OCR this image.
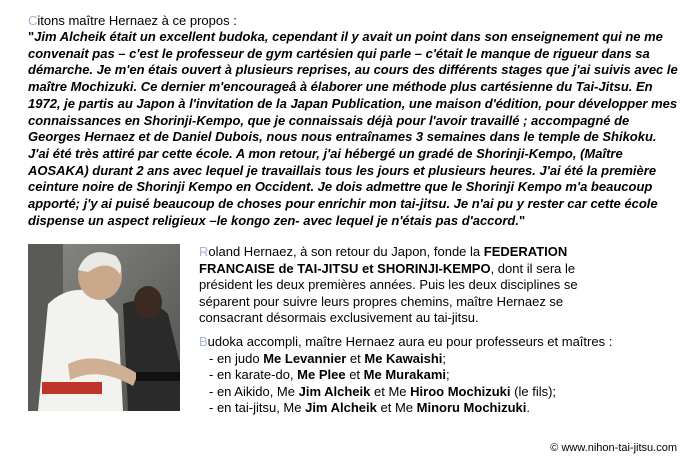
Citons maître Hernaez à ce propos :

"Jim Alcheik était un excellent budoka, cependant il y avait un point dans son enseignement qui ne me convenait pas – c'est le professeur de gym cartésien qui parle – c'était le manque de rigueur dans sa démarche. Je m'en étais ouvert à plusieurs reprises, au cours des différents stages que j'ai suivis avec le maître Mochizuki. Ce dernier m'encourageâ à élaborer une méthode plus cartésienne du Tai-Jitsu. En 1972, je partis au Japon à l'invitation de la Japan Publication, une maison d'édition, pour développer mes connaissances en Shorinji-Kempo, que je connaissais déjà pour l'avoir travaillé ; accompagné de Georges Hernaez et de Daniel Dubois, nous nous entraînames 3 semaines dans le temple de Shikoku. J'ai été très attiré par cette école. A mon retour, j'ai hébergé un gradé de Shorinji-Kempo, (Maître AOSAKA) durant 2 ans avec lequel je travaillais tous les jours et plusieurs heures. J'ai été la première ceinture noire de Shorinji Kempo en Occident. Je dois admettre que le Shorinji Kempo m'a beaucoup apporté; j'y ai puisé beaucoup de choses pour enrichir mon tai-jitsu. Je n'ai pu y rester car cette école dispense un aspect religieux –le kongo zen- avec lequel je n'étais pas d'accord."

Roland Hernaez, à son retour du Japon, fonde la FEDERATION FRANCAISE de TAI-JITSU et SHORINJI-KEMPO, dont il sera le président les deux premières années. Puis les deux disciplines se séparent pour suivre leurs propres chemins, maître Hernaez se consacrant désormais exclusivement au tai-jitsu.

Budoka accompli, maître Hernaez aura eu pour professeurs et maîtres :
- en judo Me Levannier et Me Kawaishi;
- en karate-do, Me Plee et Me Murakami;
- en Aikido, Me Jim Alcheik et Me Hiroo Mochizuki (le fils);
- en tai-jitsu, Me Jim Alcheik et Me Minoru Mochizuki.
© www.nihon-tai-jitsu.com
